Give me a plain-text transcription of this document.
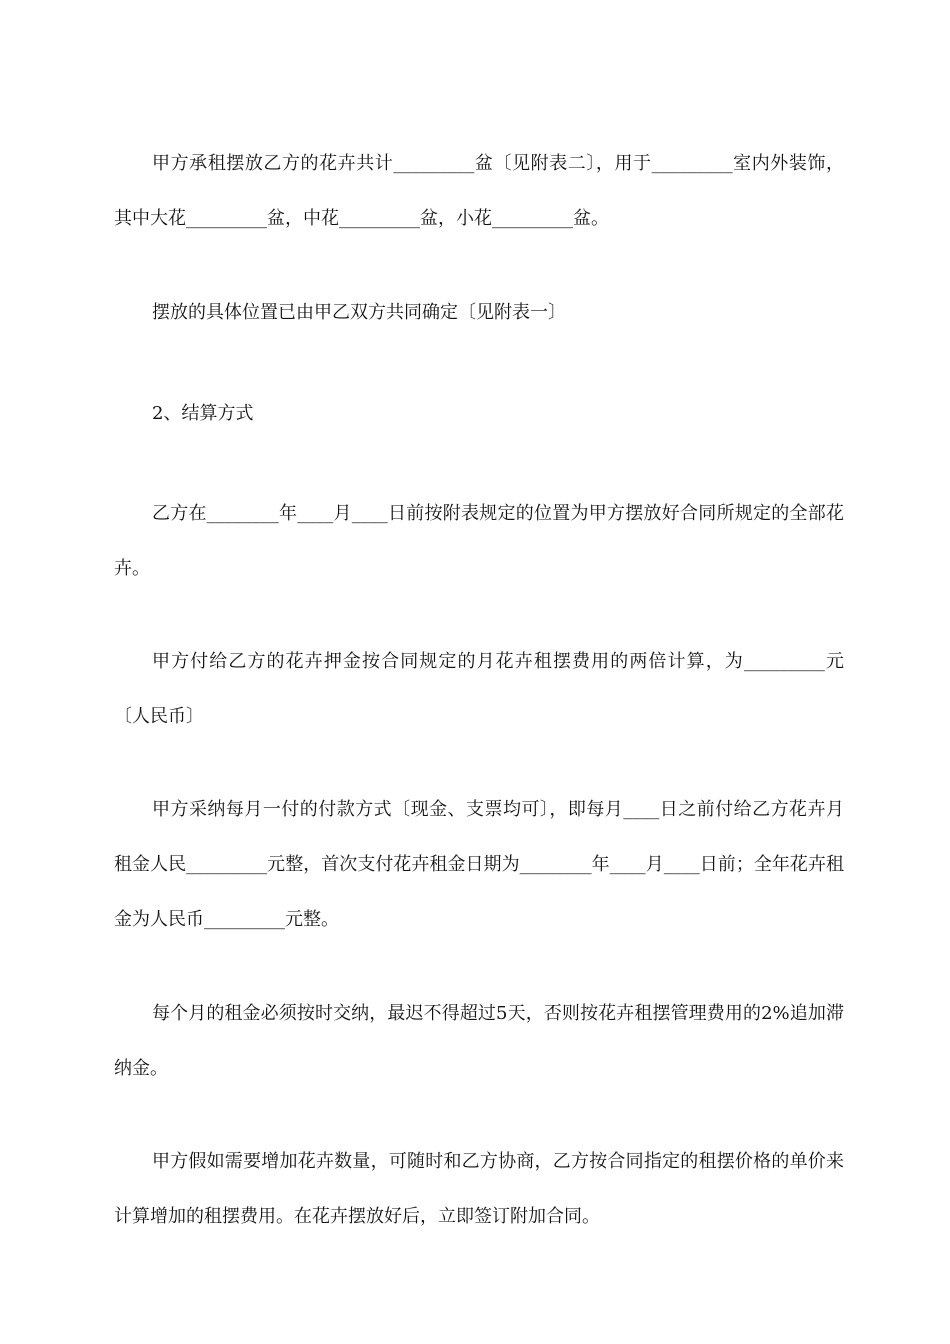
甲方承租摆放乙方的花卉共计_________盆〔见附表二〕，用于_________室内外装饰，其中大花_________盆，中花_________盆，小花_________盆。

摆放的具体位置已由甲乙双方共同确定〔见附表一〕

2、结算方式

乙方在________年____月____日前按附表规定的位置为甲方摆放好合同所规定的全部花卉。

甲方付给乙方的花卉押金按合同规定的月花卉租摆费用的两倍计算，为_________元〔人民币〕

甲方采纳每月一付的付款方式〔现金、支票均可〕，即每月____日之前付给乙方花卉月租金人民_________元整，首次支付花卉租金日期为________年____月____日前；全年花卉租金为人民币_________元整。

每个月的租金必须按时交纳，最迟不得超过5天，否则按花卉租摆管理费用的2%追加滞纳金。

甲方假如需要增加花卉数量，可随时和乙方协商，乙方按合同指定的租摆价格的单价来计算增加的租摆费用。在花卉摆放好后，立即签订附加合同。
